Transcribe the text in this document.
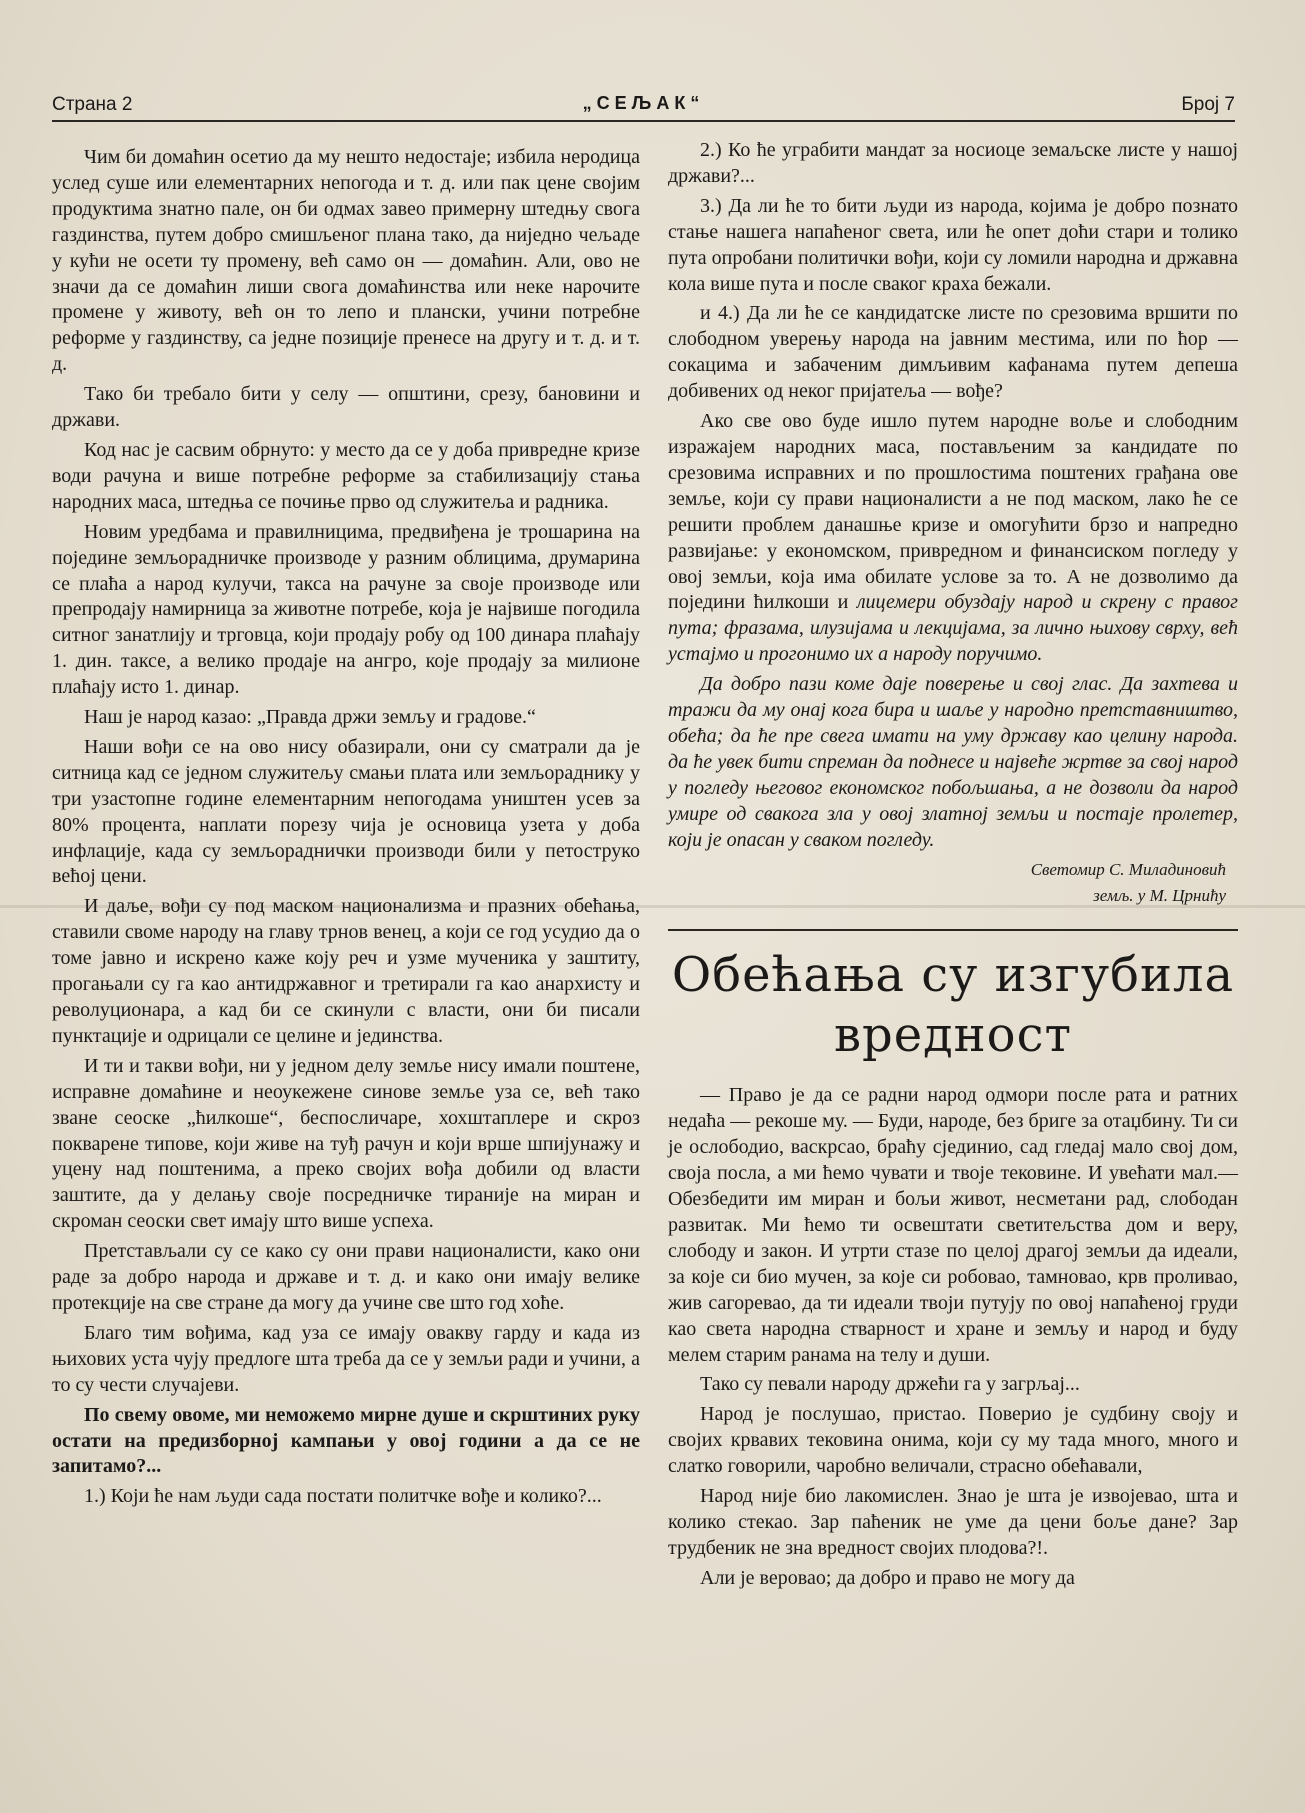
Страна 2	„СЕЉАК“	Број 7

Чим би домаћин осетио да му нешто недостаје; избила неродица услед суше или елементарних непогода и т. д. или пак цене својим продуктима знатно пале, он би одмах завео примерну штедњу свога газдинства, путем добро смишљеног плана тако, да ниједно чељаде у кући не осети ту промену, већ само он — домаћин. Али, ово не значи да се домаћин лиши свога домаћинства или неке нарочите промене у животу, већ он то лепо и плански, учини потребне реформе у газдинству, са једне позиције пренесе на другу и т. д. и т. д.

Тако би требало бити у селу — општини, срезу, бановини и држави.

Код нас је сасвим обрнуто: у место да се у доба привредне кризе води рачуна и више потребне реформе за стабилизацију стања народних маса, штедња се почиње прво од служитеља и радника.

Новим уредбама и правилницима, предвиђена је трошарина на поједине земљорадничке производе у разним облицима, друмарина се плаћа а народ кулучи, такса на рачуне за своје производе или препродају намирница за животне потребе, која је највише погодила ситног занатлију и трговца, који продају робу од 100 динара плаћају 1. дин. таксе, а велико продаје на ангро, које продају за милионе плаћају исто 1. динар.

Наш је народ казао: „Правда држи земљу и градове.“

Наши вођи се на ово нису обазирали, они су сматрали да је ситница кад се једном служитељу смањи плата или земљораднику у три узастопне године елементарним непогодама уништен усев за 80% процента, наплати порезу чија је основица узета у доба инфлације, када су земљораднички производи били у петоструко већој цени.

И даље, вођи су под маском национализма и празних обећања, ставили своме народу на главу трнов венец, а који се год усудио да о томе јавно и искрено каже коју реч и узме мученика у заштиту, прогањали су га као антидржавног и третирали га као анархисту и револуционара, а кад би се скинули с власти, они би писали пунктације и одрицали се целине и јединства.

И ти и такви вођи, ни у једном делу земље нису имали поштене, исправне домаћине и неоукежене синове земље уза се, већ тако зване сеоске „ћилкоше“, беспосличаре, хохштаплере и скроз покварене типове, који живе на туђ рачун и који врше шпијунажу и уцену над поштенима, а преко својих вођа добили од власти заштите, да у делању своје посредничке тираније на миран и скроман сеоски свет имају што више успеха.

Претстављали су се како су они прави националисти, како они раде за добро народа и државе и т. д. и како они имају велике протекције на све стране да могу да учине све што год хоће.

Благо тим вођима, кад уза се имају овакву гарду и када из њихових уста чују предлоге шта треба да се у земљи ради и учини, а то су чести случајеви.

По свему овоме, ми неможемо мирне душе и скрштиних руку остати на предизборној кампањи у овој години а да се не запитамо?...

1.) Који ће нам људи сада постати политчке вође и колико?...

2.) Ко ће уграбити мандат за носиоце земаљске листе у нашој држави?...

3.) Да ли ће то бити људи из народа, којима је добро познато стање нашега напаћеног света, или ће опет доћи стари и толико пута опробани политички вођи, који су ломили народна и државна кола више пута и после сваког краха бежали.

и 4.) Да ли ће се кандидатске листе по срезовима вршити по слободном уверењу народа на јавним местима, или по ћор — сокацима и забаченим димљивим кафанама путем депеша добивених од неког пријатеља — вође?

Ако све ово буде ишло путем народне воље и слободним изражајем народних маса, постављеним за кандидате по срезовима исправних и по прошлостима поштених грађана ове земље, који су прави националисти а не под маском, лако ће се решити проблем данашње кризе и омогућити брзо и напредно развијање: у економском, привредном и финансиском погледу у овој земљи, која има обилате услове за то. А не дозволимо да поједини ћилкоши и лицемери обуздају народ и скрену с правог пута; фразама, илузијама и лекцијама, за лично њихову сврху, већ устајмо и прогонимо их а народу поручимо.

Да добро пази коме даје поверење и свој глас. Да захтева и тражи да му онај кога бира и шаље у народно претставништво, обећа; да ће пре свега имати на уму државу као целину народа. да ће увек бити спреман да поднесе и највеће жртве за свој народ у погледу његовог економског побољшања, а не дозволи да народ умире од свакога зла у овој златној земљи и постаје пролетер, који је опасан у сваком погледу.

Светомир С. Миладиновић
земљ. у М. Црнићу
Обећања су изгубила вредност

— Право је да се радни народ одмори после рата и ратних недаћа — рекоше му. — Буди, народе, без бриге за отаџбину. Ти си је ослободио, васкрсао, браћу сјединио, сад гледај мало свој дом, своја посла, а ми ћемо чувати и твоје тековине. И увећати мал.— Обезбедити им миран и бољи живот, несметани рад, слободан развитак. Ми ћемо ти освештати светитељства дом и веру, слободу и закон. И утрти стазе по целој драгој земљи да идеали, за које си био мучен, за које си робовао, тамновао, крв проливао, жив сагоревао, да ти идеали твоји путују по овој напаћеној груди као света народна стварност и хране и земљу и народ и буду мелем старим ранама на телу и души.

Тако су певали народу држећи га у загрљај...

Народ је послушао, пристао. Поверио је судбину своју и својих крвавих тековина онима, који су му тада много, много и слатко говорили, чаробно величали, страсно обећавали,

Народ није био лакомислен. Знао је шта је извојевао, шта и колико стекао. Зар паћеник не уме да цени боље дане? Зар трудбеник не зна вредност својих плодова?!.

Али је веровао; да добро и право не могу да
